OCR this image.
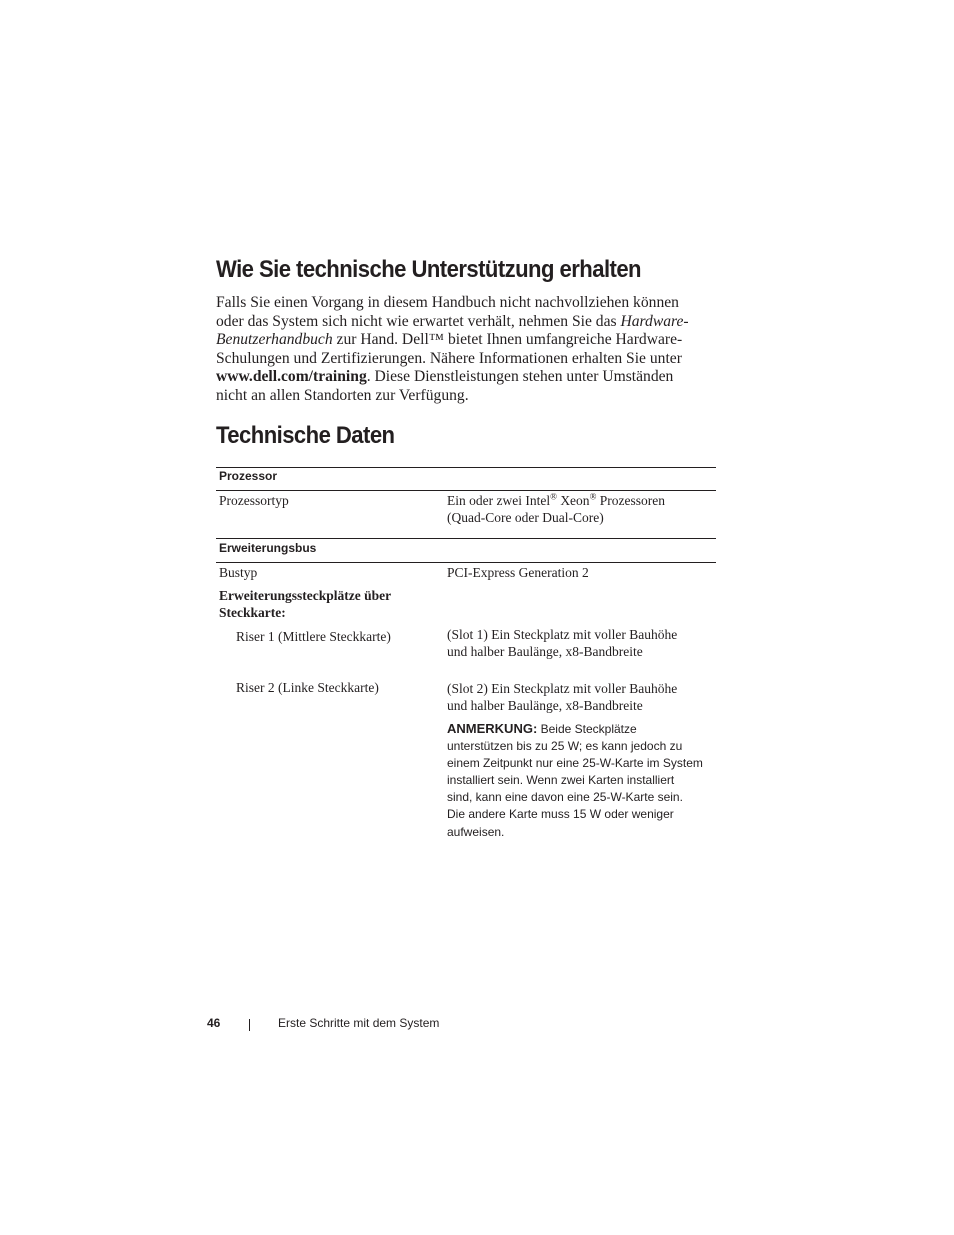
Wie Sie technische Unterstützung erhalten
Falls Sie einen Vorgang in diesem Handbuch nicht nachvollziehen können
oder das System sich nicht wie erwartet verhält, nehmen Sie das Hardware-
Benutzerhandbuch zur Hand. Dell™ bietet Ihnen umfangreiche Hardware-
Schulungen und Zertifizierungen. Nähere Informationen erhalten Sie unter
www.dell.com/training. Diese Dienstleistungen stehen unter Umständen
nicht an allen Standorten zur Verfügung.
Technische Daten
Prozessor
Prozessortyp	Ein oder zwei Intel® Xeon® Prozessoren
(Quad-Core oder Dual-Core)
Erweiterungsbus
Bustyp	PCI-Express Generation 2
Erweiterungssteckplätze über
Steckkarte:
Riser 1 (Mittlere Steckkarte)	(Slot 1) Ein Steckplatz mit voller Bauhöhe
und halber Baulänge, x8-Bandbreite
Riser 2 (Linke Steckkarte)	(Slot 2) Ein Steckplatz mit voller Bauhöhe
und halber Baulänge, x8-Bandbreite
ANMERKUNG: Beide Steckplätze
unterstützen bis zu 25 W; es kann jedoch zu
einem Zeitpunkt nur eine 25-W-Karte im System
installiert sein. Wenn zwei Karten installiert
sind, kann eine davon eine 25-W-Karte sein.
Die andere Karte muss 15 W oder weniger
aufweisen.
46	Erste Schritte mit dem System
